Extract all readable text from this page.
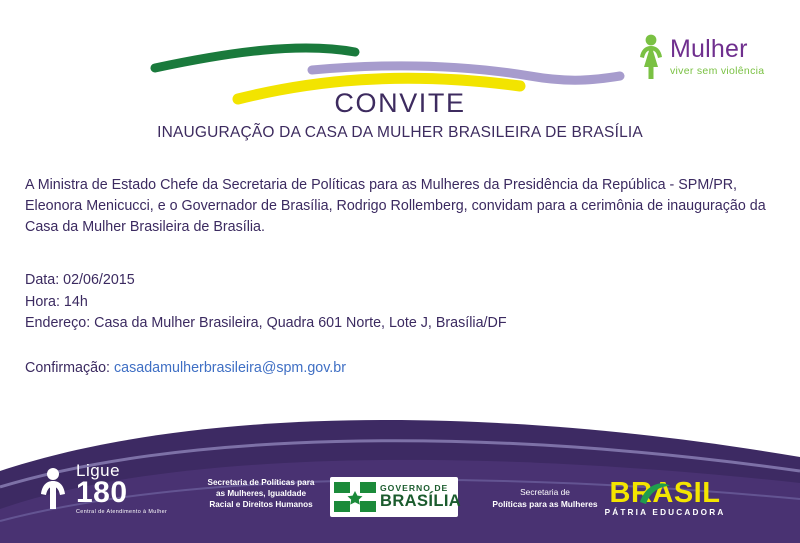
Mulher viver sem violência
CONVITE
INAUGURAÇÃO DA CASA DA MULHER BRASILEIRA DE BRASÍLIA
A Ministra de Estado Chefe da Secretaria de Políticas para as Mulheres da Presidência da República - SPM/PR, Eleonora Menicucci, e o Governador de Brasília, Rodrigo Rollemberg, convidam para a cerimônia de inauguração da Casa da Mulher Brasileira de Brasília.
Data: 02/06/2015
Hora: 14h
Endereço: Casa da Mulher Brasileira, Quadra 601 Norte, Lote J, Brasília/DF
Confirmação: casadamulherbrasileira@spm.gov.br
Ligue
180
Central de Atendimento à Mulher
Secretaria de Políticas para
as Mulheres, Igualdade
Racial e Direitos Humanos
GOVERNO DE
BRASÍLIA
Secretaria de
Políticas para as Mulheres BRASIL
PÁTRIA EDUCADORA
